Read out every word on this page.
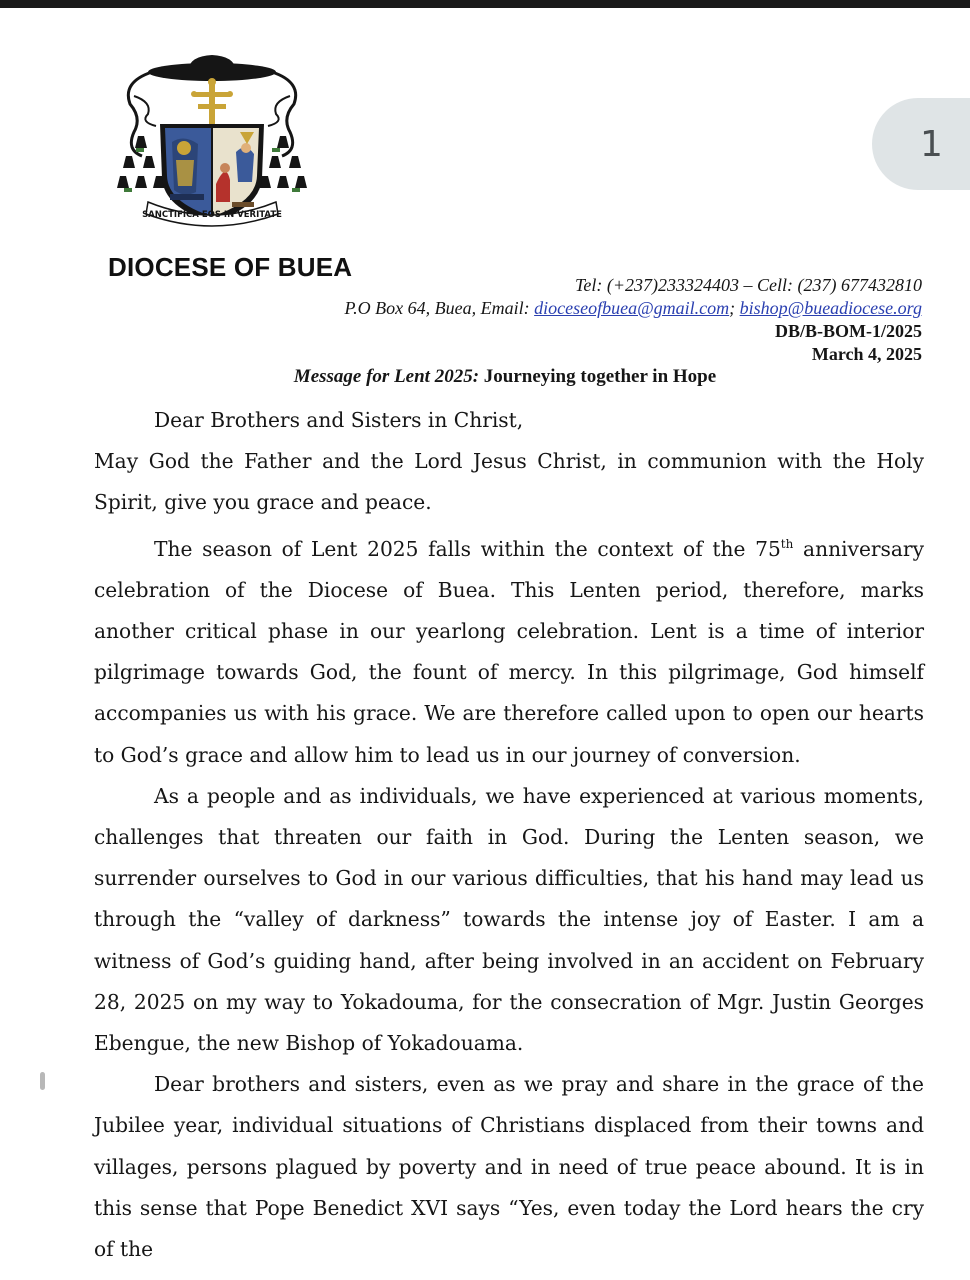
1
SANCTIFICA EOS IN VERITATE
DIOCESE OF BUEA
Tel: (+237)233324403 – Cell: (237) 677432810
P.O Box 64, Buea, Email: dioceseofbuea@gmail.com; bishop@bueadiocese.org
DB/B-BOM-1/2025
March 4, 2025
Message for Lent 2025: Journeying together in Hope

Dear Brothers and Sisters in Christ,

May God the Father and the Lord Jesus Christ, in communion with the Holy Spirit, give you grace and peace.

The season of Lent 2025 falls within the context of the 75th anniversary celebration of the Diocese of Buea. This Lenten period, therefore, marks another critical phase in our yearlong celebration. Lent is a time of interior pilgrimage towards God, the fount of mercy. In this pilgrimage, God himself accompanies us with his grace. We are therefore called upon to open our hearts to God’s grace and allow him to lead us in our journey of conversion.

As a people and as individuals, we have experienced at various moments, challenges that threaten our faith in God. During the Lenten season, we surrender ourselves to God in our various difficulties, that his hand may lead us through the “valley of darkness” towards the intense joy of Easter. I am a witness of God’s guiding hand, after being involved in an accident on February 28, 2025 on my way to Yokadouma, for the consecration of Mgr. Justin Georges Ebengue, the new Bishop of Yokadouama.

Dear brothers and sisters, even as we pray and share in the grace of the Jubilee year, individual situations of Christians displaced from their towns and villages, persons plagued by poverty and in need of true peace abound. It is in this sense that Pope Benedict XVI says “Yes, even today the Lord hears the cry of the
